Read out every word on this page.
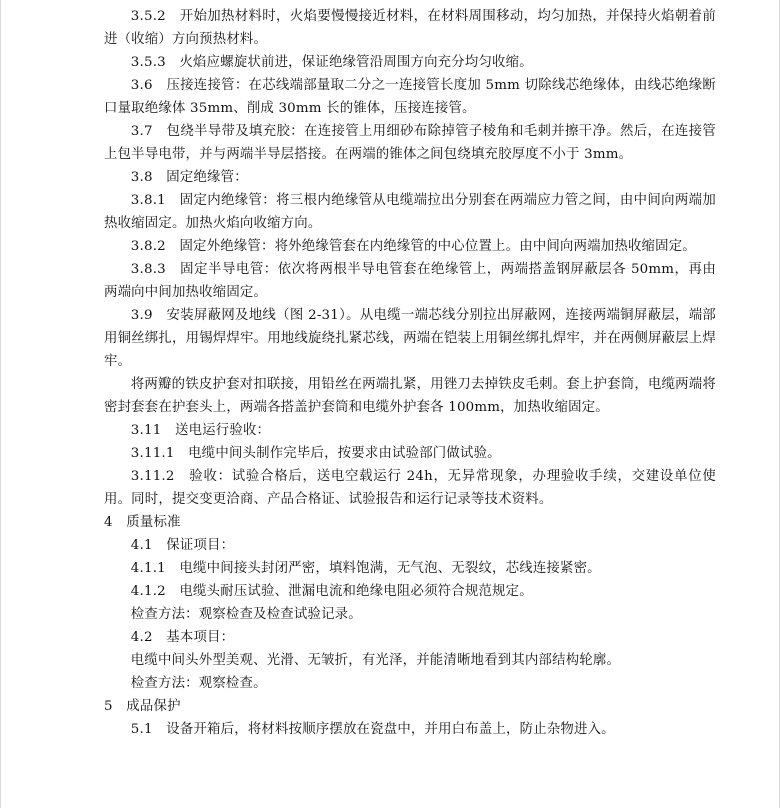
3.5.2　开始加热材料时，火焰要慢慢接近材料，在材料周围移动，均匀加热，并保持火焰朝着前进（收缩）方向预热材料。

3.5.3　火焰应螺旋状前进，保证绝缘管沿周围方向充分均匀收缩。

3.6　压接连接管：在芯线端部量取二分之一连接管长度加 5mm 切除线芯绝缘体，由线芯绝缘断口量取绝缘体 35mm、削成 30mm 长的锥体，压接连接管。

3.7　包绕半导带及填充胶：在连接管上用细砂布除掉管子棱角和毛刺并擦干净。然后，在连接管上包半导电带，并与两端半导层搭接。在两端的锥体之间包绕填充胶厚度不小于 3mm。

3.8　固定绝缘管：

3.8.1　固定内绝缘管：将三根内绝缘管从电缆端拉出分别套在两端应力管之间，由中间向两端加热收缩固定。加热火焰向收缩方向。

3.8.2　固定外绝缘管：将外绝缘管套在内绝缘管的中心位置上。由中间向两端加热收缩固定。

3.8.3　固定半导电管：依次将两根半导电管套在绝缘管上，两端搭盖钢屏蔽层各 50mm，再由两端向中间加热收缩固定。

3.9　安装屏蔽网及地线（图 2-31）。从电缆一端芯线分别拉出屏蔽网，连接两端铜屏蔽层，端部用铜丝绑扎，用锡焊焊牢。用地线旋绕扎紧芯线，两端在铠装上用铜丝绑扎焊牢，并在两侧屏蔽层上焊牢。

将两瓣的铁皮护套对扣联接，用铅丝在两端扎紧，用锉刀去掉铁皮毛刺。套上护套筒，电缆两端将密封套套在护套头上，两端各搭盖护套筒和电缆外护套各 100mm，加热收缩固定。

3.11　送电运行验收：

3.11.1　电缆中间头制作完毕后，按要求由试验部门做试验。

3.11.2　验收：试验合格后，送电空载运行 24h，无异常现象，办理验收手续，交建设单位使用。同时，提交变更洽商、产品合格证、试验报告和运行记录等技术资料。

4　质量标准

4.1　保证项目：

4.1.1　电缆中间接头封闭严密，填料饱满，无气泡、无裂纹，芯线连接紧密。

4.1.2　电缆头耐压试验、泄漏电流和绝缘电阻必须符合规范规定。

检查方法：观察检查及检查试验记录。

4.2　基本项目：

电缆中间头外型美观、光滑、无皱折，有光泽，并能清晰地看到其内部结构轮廓。

检查方法：观察检查。

5　成品保护

5.1　设备开箱后，将材料按顺序摆放在瓷盘中，并用白布盖上，防止杂物进入。
